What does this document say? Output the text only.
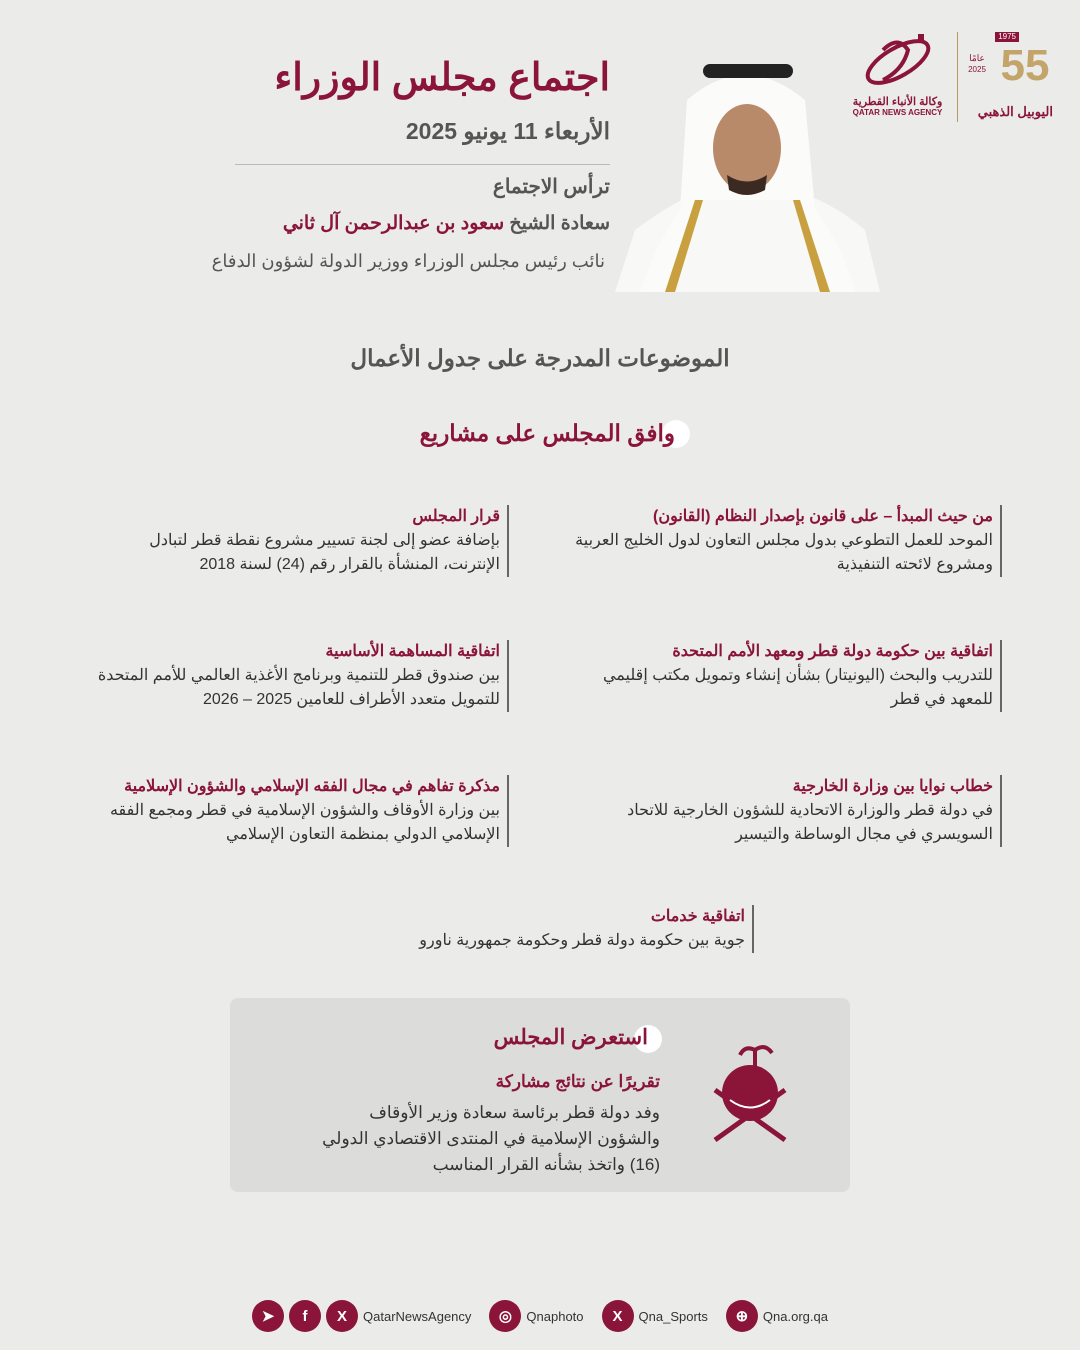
اجتماع مجلس الوزراء
الأربعاء 11 يونيو 2025
ترأس الاجتماع
سعادة الشيخ سعود بن عبدالرحمن آل ثاني
نائب رئيس مجلس الوزراء ووزير الدولة لشؤون الدفاع
وكالة الأنباء القطرية
QATAR NEWS AGENCY
عامًا
2025
1975
55
اليوبيل الذهبي
الموضوعات المدرجة على جدول الأعمال
وافق المجلس على مشاريع
من حيث المبدأ – على قانون بإصدار النظام (القانون)

الموحد للعمل التطوعي بدول مجلس التعاون لدول الخليج العربية ومشروع لائحته التنفيذية

قرار المجلس

بإضافة عضو إلى لجنة تسيير مشروع نقطة قطر لتبادل الإنترنت، المنشأة بالقرار رقم (24) لسنة 2018

اتفاقية بين حكومة دولة قطر ومعهد الأمم المتحدة

للتدريب والبحث (اليونيتار) بشأن إنشاء وتمويل مكتب إقليمي للمعهد في قطر

اتفاقية المساهمة الأساسية

بين صندوق قطر للتنمية وبرنامج الأغذية العالمي للأمم المتحدة للتمويل متعدد الأطراف للعامين 2025 – 2026

خطاب نوايا بين وزارة الخارجية

في دولة قطر والوزارة الاتحادية للشؤون الخارجية للاتحاد السويسري في مجال الوساطة والتيسير

مذكرة تفاهم في مجال الفقه الإسلامي والشؤون الإسلامية

بين وزارة الأوقاف والشؤون الإسلامية في قطر ومجمع الفقه الإسلامي الدولي بمنظمة التعاون الإسلامي

اتفاقية خدمات

جوية بين حكومة دولة قطر وحكومة جمهورية ناورو

استعرض المجلس
تقريرًا عن نتائج مشاركة
وفد دولة قطر برئاسة سعادة وزير الأوقاف والشؤون الإسلامية في المنتدى الاقتصادي الدولي (16) واتخذ بشأنه القرار المناسب
➤	f	X	QatarNewsAgency	◎	Qnaphoto	X	Qna_Sports	⊕	Qna.org.qa
